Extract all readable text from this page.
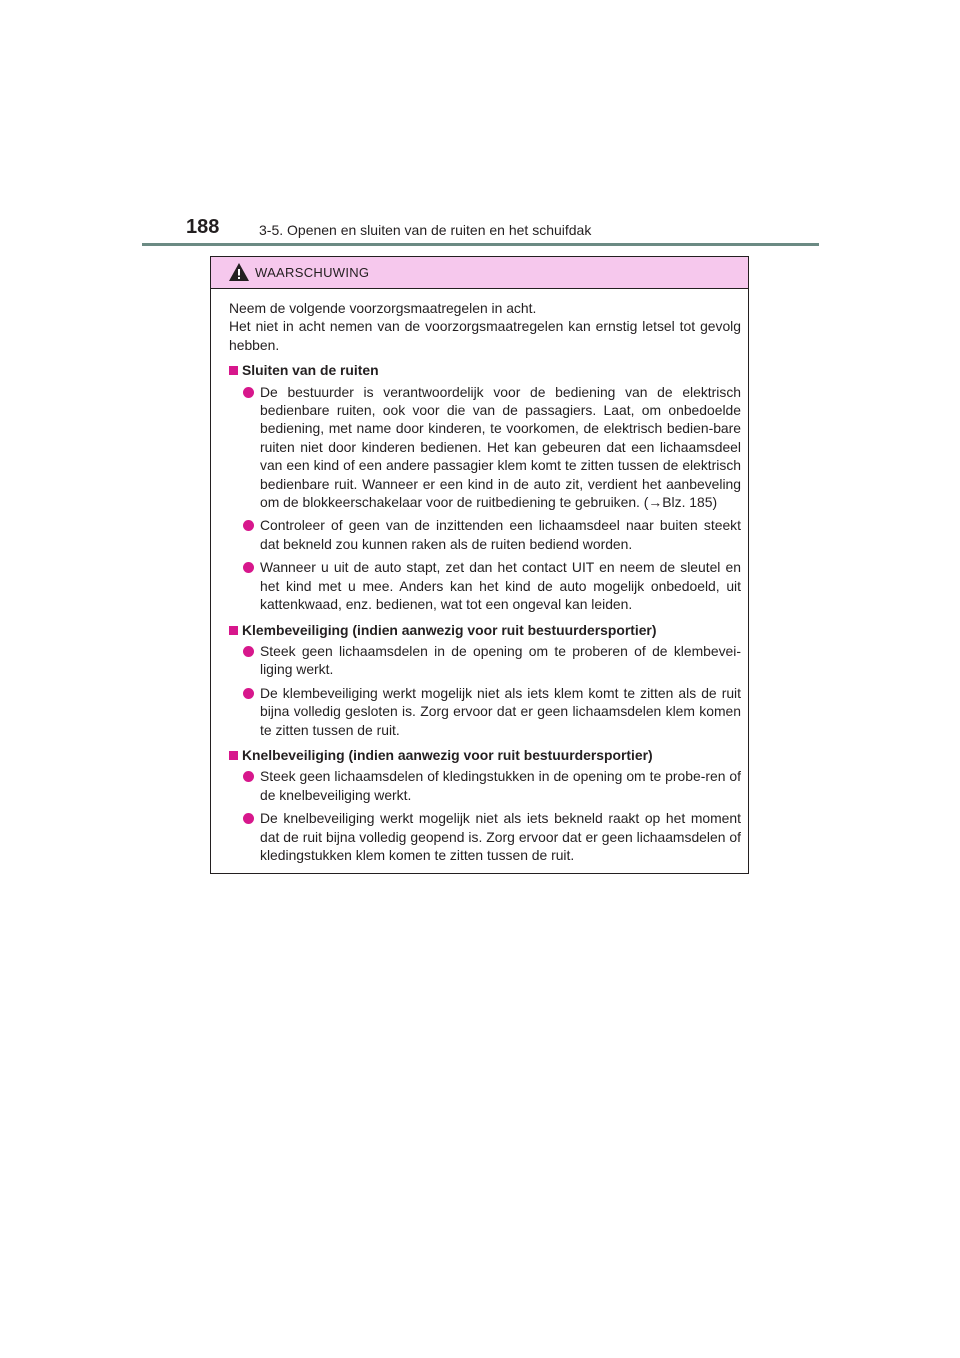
188	3-5. Openen en sluiten van de ruiten en het schuifdak
WAARSCHUWING

Neem de volgende voorzorgsmaatregelen in acht.

Het niet in acht nemen van de voorzorgsmaatregelen kan ernstig letsel tot gevolg hebben.

Sluiten van de ruiten
De bestuurder is verantwoordelijk voor de bediening van de elektrisch bedienbare ruiten, ook voor die van de passagiers. Laat, om onbedoelde bediening, met name door kinderen, te voorkomen, de elektrisch bedien-bare ruiten niet door kinderen bedienen. Het kan gebeuren dat een lichaamsdeel van een kind of een andere passagier klem komt te zitten tussen de elektrisch bedienbare ruit. Wanneer er een kind in de auto zit, verdient het aanbeveling om de blokkeerschakelaar voor de ruitbediening te gebruiken. (→Blz. 185)
Controleer of geen van de inzittenden een lichaamsdeel naar buiten steekt dat bekneld zou kunnen raken als de ruiten bediend worden.
Wanneer u uit de auto stapt, zet dan het contact UIT en neem de sleutel en het kind met u mee. Anders kan het kind de auto mogelijk onbedoeld, uit kattenkwaad, enz. bedienen, wat tot een ongeval kan leiden.
Klembeveiliging (indien aanwezig voor ruit bestuurdersportier)
Steek geen lichaamsdelen in de opening om te proberen of de klembevei-liging werkt.
De klembeveiliging werkt mogelijk niet als iets klem komt te zitten als de ruit bijna volledig gesloten is. Zorg ervoor dat er geen lichaamsdelen klem komen te zitten tussen de ruit.
Knelbeveiliging (indien aanwezig voor ruit bestuurdersportier)
Steek geen lichaamsdelen of kledingstukken in de opening om te probe-ren of de knelbeveiliging werkt.
De knelbeveiliging werkt mogelijk niet als iets bekneld raakt op het moment dat de ruit bijna volledig geopend is. Zorg ervoor dat er geen lichaamsdelen of kledingstukken klem komen te zitten tussen de ruit.
